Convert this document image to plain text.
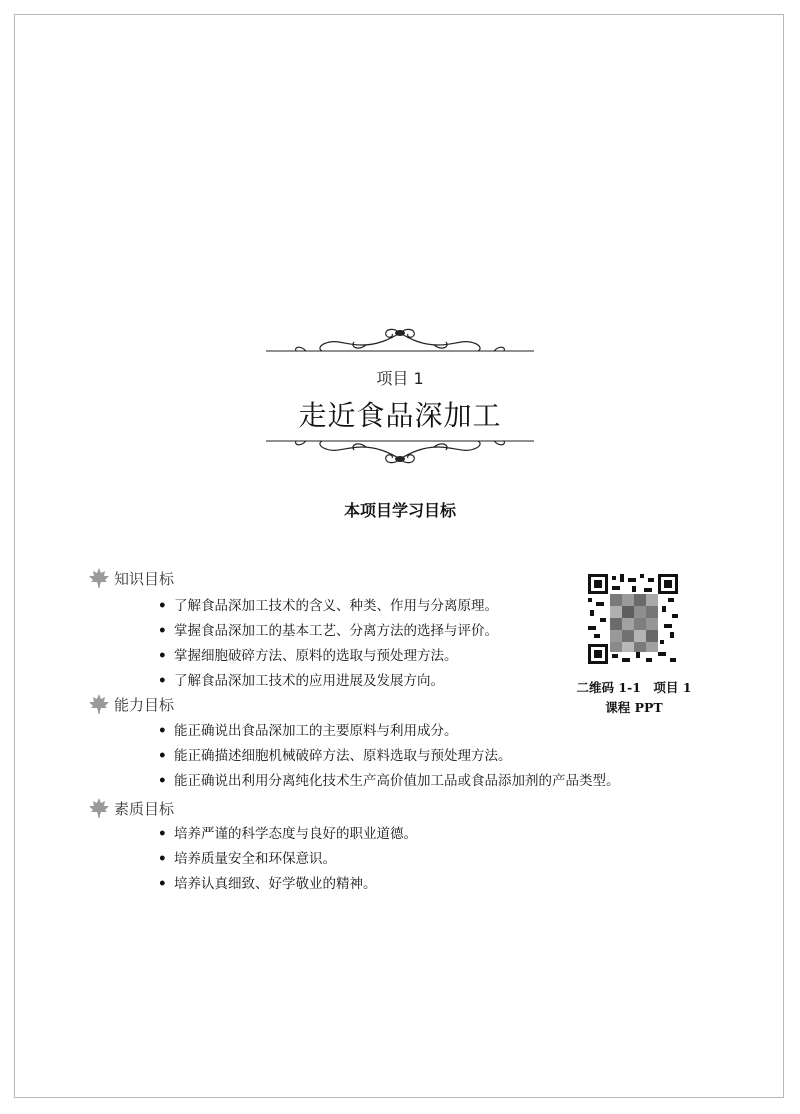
项目 1
走近食品深加工
本项目学习目标
知识目标
• 了解食品深加工技术的含义、种类、作用与分离原理。
• 掌握食品深加工的基本工艺、分离方法的选择与评价。
• 掌握细胞破碎方法、原料的选取与预处理方法。
• 了解食品深加工技术的应用进展及发展方向。
能力目标
• 能正确说出食品深加工的主要原料与利用成分。
• 能正确描述细胞机械破碎方法、原料选取与预处理方法。
• 能正确说出利用分离纯化技术生产高价值加工品或食品添加剂的产品类型。
素质目标
• 培养严谨的科学态度与良好的职业道德。
• 培养质量安全和环保意识。
• 培养认真细致、好学敬业的精神。
二维码 1-1　项目 1
课程 PPT
